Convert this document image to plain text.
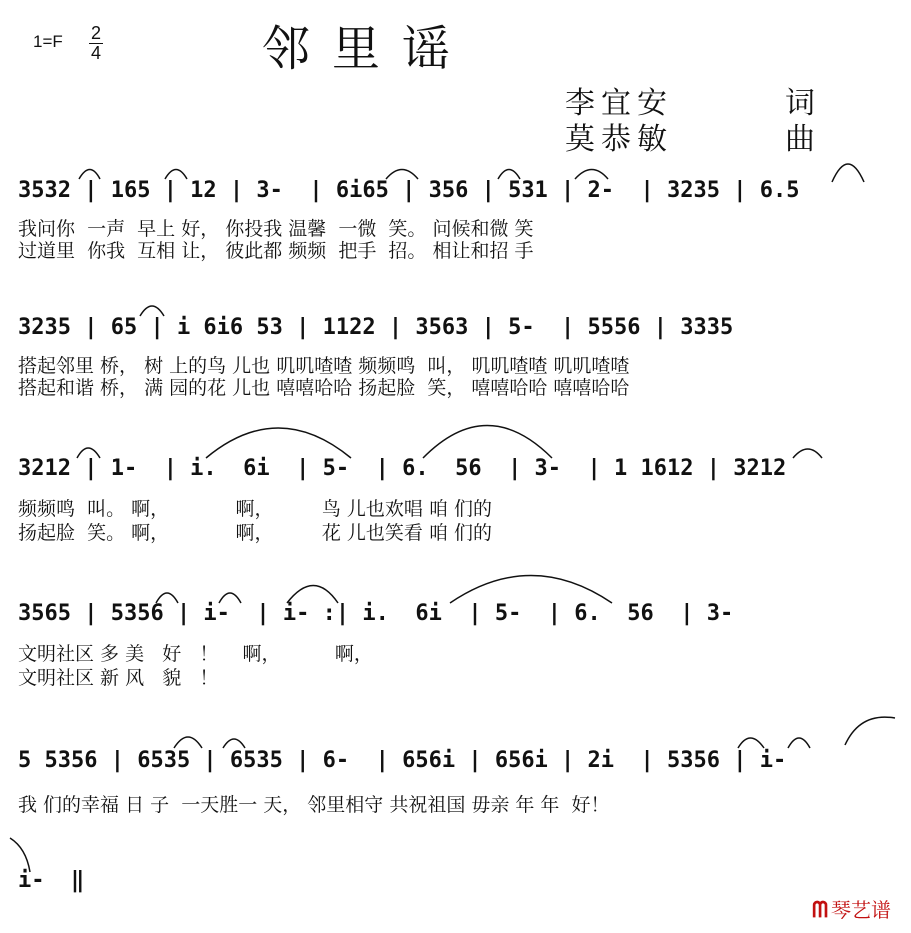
1=F 2
4	邻里谣
李宜安	词
莫恭敏	曲
3532 | 165 | 12 | 3-  | 6i65 | 356 | 531 | 2-  | 3235 | 6.5
我问你  一声  早上 好， 你投我 温馨  一微  笑。 问候和微 笑
过道里  你我  互相 让， 彼此都 频频  把手  招。 相让和招 手
3235 | 65 | i 6i6 53 | 1122 | 3563 | 5-  | 5556 | 3335
搭起邻里 桥， 树 上的鸟 儿也 叽叽喳喳 频频鸣  叫， 叽叽喳喳 叽叽喳喳
搭起和谐 桥， 满 园的花 儿也 嘻嘻哈哈 扬起脸  笑， 嘻嘻哈哈 嘻嘻哈哈
3212 | 1-  | i.  6i  | 5-  | 6.  56  | 3-  | 1 1612 | 3212
频频鸣  叫。 啊，           啊，        鸟 儿也欢唱 咱 们的
扬起脸  笑。 啊，           啊，        花 儿也笑看 咱 们的
3565 | 5356 | i-  | i- :| i.  6i  | 5-  | 6.  56  | 3-
文明社区 多 美   好   ！    啊，         啊，
文明社区 新 风   貌   ！
5 5356 | 6535 | 6535 | 6-  | 656i | 656i | 2i  | 5356 | i-
我 们的幸福 日 子  一天胜一 天， 邻里相守 共祝祖国 毋亲 年 年  好！
i-  ‖
ᗰ 琴艺谱
